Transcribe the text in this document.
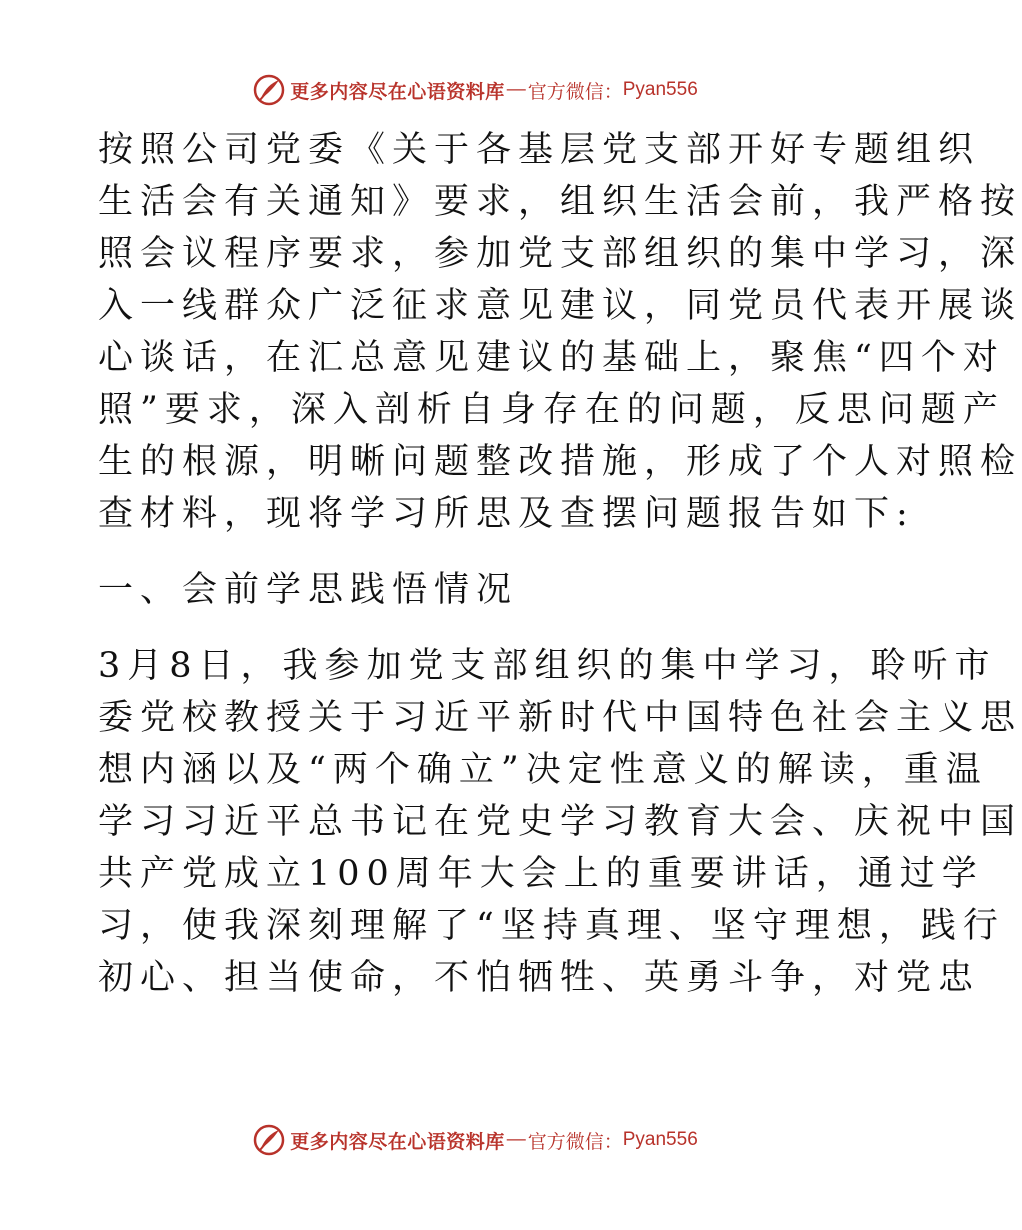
更多内容尽在心语资料库 — 官方微信： Pyan556
按照公司党委《关于各基层党支部开好专题组织
生活会有关通知》要求，组织生活会前，我严格按
照会议程序要求，参加党支部组织的集中学习，深
入一线群众广泛征求意见建议，同党员代表开展谈
心谈话，在汇总意见建议的基础上，聚焦“四个对
照”要求，深入剖析自身存在的问题，反思问题产
生的根源，明晰问题整改措施，形成了个人对照检
查材料，现将学习所思及查摆问题报告如下:
一、会前学思践悟情况
3月8日，我参加党支部组织的集中学习，聆听市
委党校教授关于习近平新时代中国特色社会主义思
想内涵以及“两个确立”决定性意义的解读，重温
学习习近平总书记在党史学习教育大会、庆祝中国
共产党成立100周年大会上的重要讲话，通过学
习，使我深刻理解了“坚持真理、坚守理想，践行
初心、担当使命，不怕牺牲、英勇斗争，对党忠
更多内容尽在心语资料库 — 官方微信： Pyan556
